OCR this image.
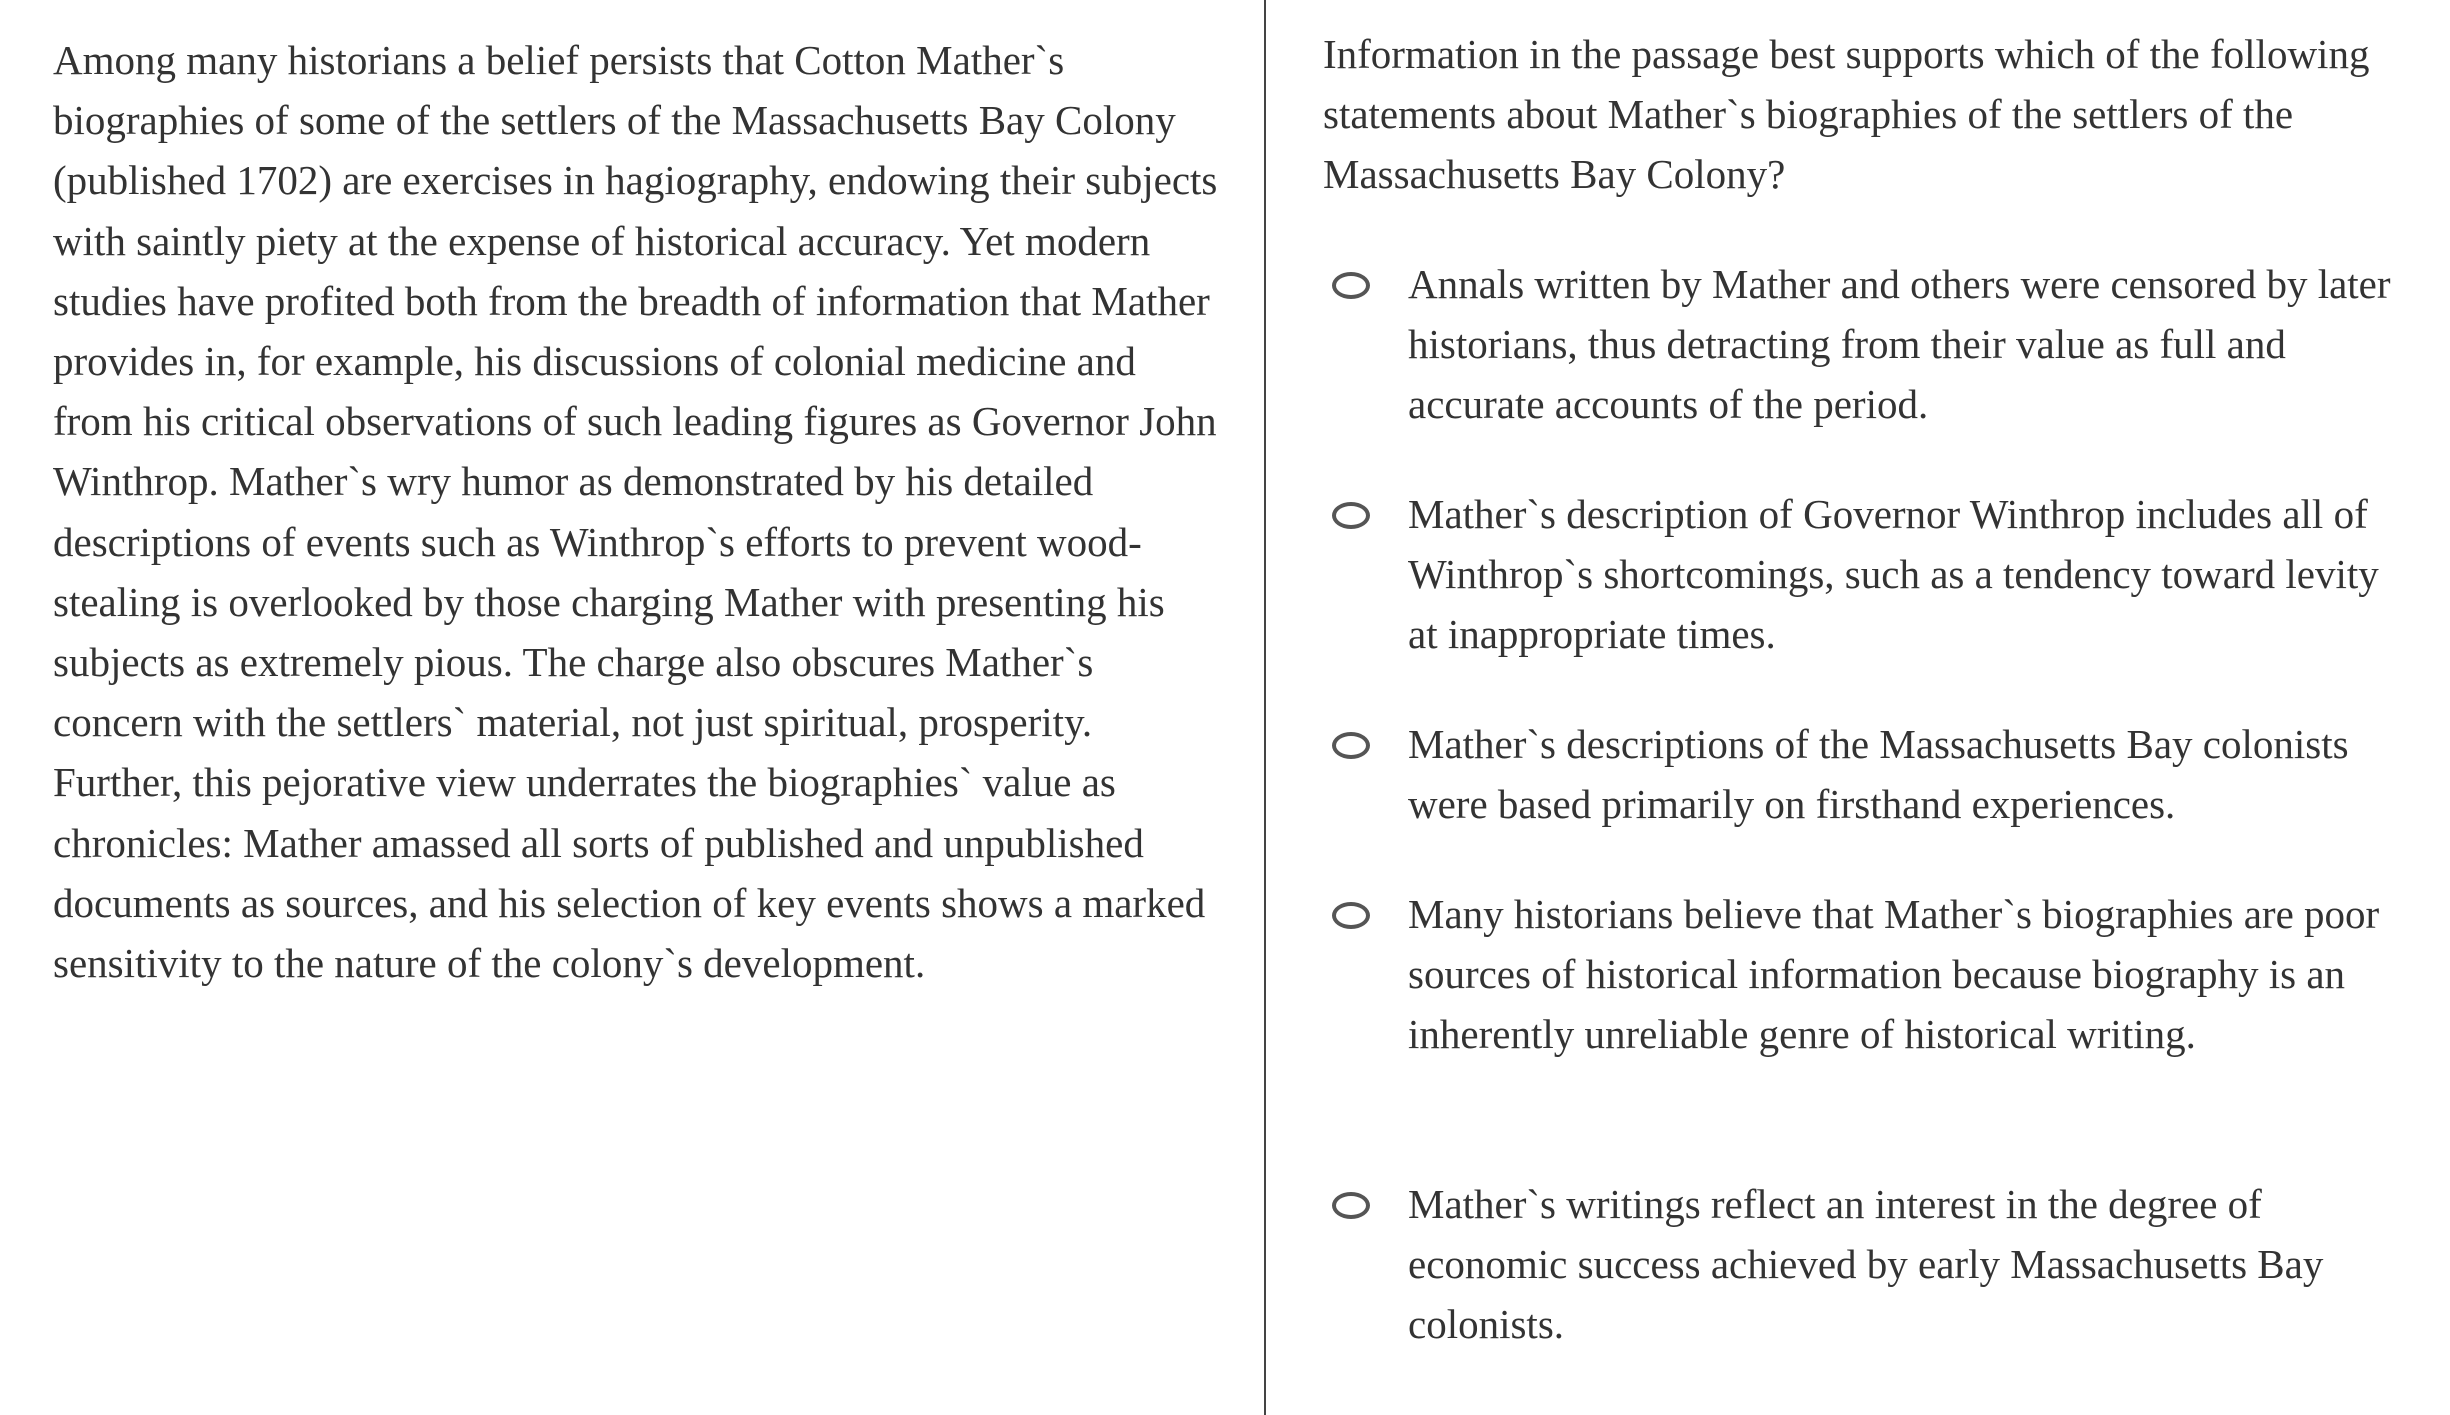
Among many historians a belief persists that Cotton Mather`s biographies of some of the settlers of the Massachusetts Bay Colony (published 1702) are exercises in hagiography, endowing their subjects with saintly piety at the expense of historical accuracy. Yet modern studies have profited both from the breadth of information that Mather provides in, for example, his discussions of colonial medicine and from his critical observations of such leading figures as Governor John Winthrop. Mather`s wry humor as demonstrated by his detailed descriptions of events such as Winthrop`s efforts to prevent wood-stealing is overlooked by those charging Mather with presenting his subjects as extremely pious. The charge also obscures Mather`s concern with the settlers` material, not just spiritual, prosperity. Further, this pejorative view underrates the biographies` value as chronicles: Mather amassed all sorts of published and unpublished documents as sources, and his selection of key events shows a marked sensitivity to the nature of the colony`s development.

Information in the passage best supports which of the following statements about Mather`s biographies of the settlers of the Massachusetts Bay Colony?

Annals written by Mather and others were censored by later historians, thus detracting from their value as full and accurate accounts of the period.
Mather`s description of Governor Winthrop includes all of Winthrop`s shortcomings, such as a tendency toward levity at inappropriate times.
Mather`s descriptions of the Massachusetts Bay colonists were based primarily on firsthand experiences.
Many historians believe that Mather`s biographies are poor sources of historical information because biography is an inherently unreliable genre of historical writing.
Mather`s writings reflect an interest in the degree of economic success achieved by early Massachusetts Bay colonists.
